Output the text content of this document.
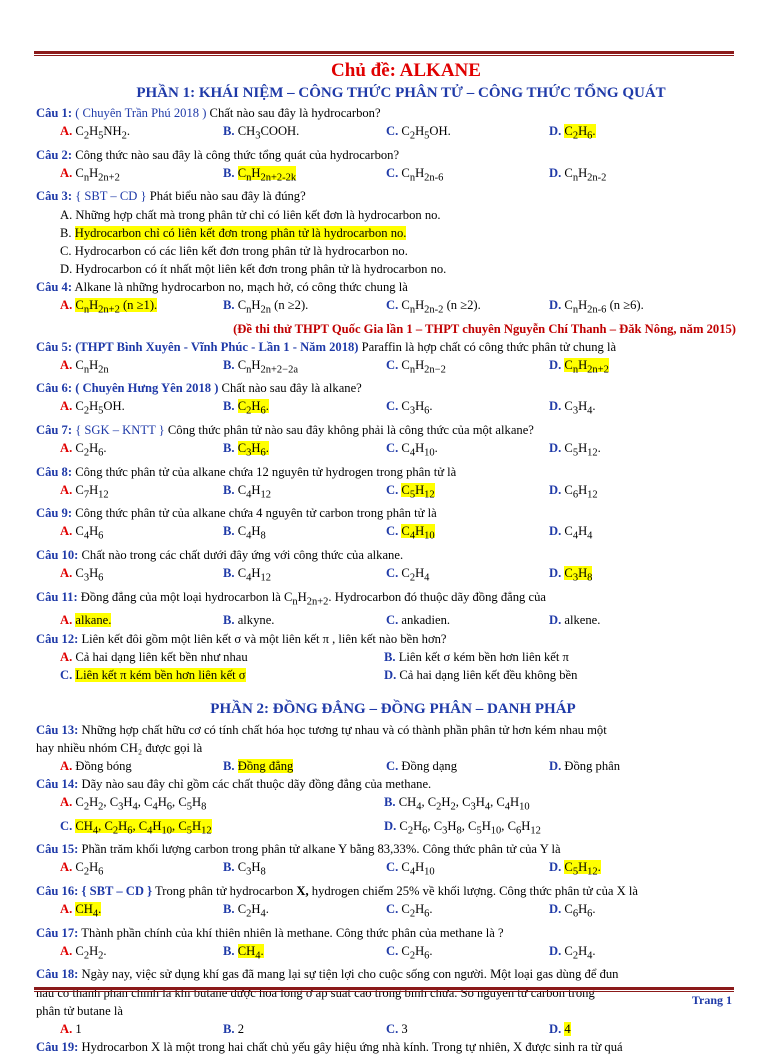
Chủ đề: ALKANE
PHẦN 1: KHÁI NIỆM – CÔNG THỨC PHÂN TỬ – CÔNG THỨC TỔNG QUÁT
Câu 1: ( Chuyên Trần Phú 2018 ) Chất nào sau đây là hydrocarbon?
A. $C_2H_5NH_2$.	B. $CH_3COOH$.	C. $C_2H_5OH$.	D. $C_2H_6$.
Câu 2: Công thức nào sau đây là công thức tổng quát của hydrocarbon?
A. $C_nH_{2n+2}$	B. $C_nH_{2n+2-2k}$	C. $C_nH_{2n-6}$	D. $C_nH_{2n-2}$
Câu 3: { SBT – CD } Phát biểu nào sau đây là đúng?
A. Những hợp chất mà trong phân tử chỉ có liên kết đơn là hydrocarbon no.
B. Hydrocarbon chỉ có liên kết đơn trong phân tử là hydrocarbon no.
C. Hydrocarbon có các liên kết đơn trong phân tử là hydrocarbon no.
D. Hydrocarbon có ít nhất một liên kết đơn trong phân tử là hydrocarbon no.
Câu 4: Alkane là những hydrocarbon no, mạch hở, có công thức chung là
A. $C_nH_{2n+2}$ (n ≥1).	B. $C_nH_{2n}$ (n ≥2).	C. $C_nH_{2n-2}$ (n ≥2).	D. $C_nH_{2n-6}$ (n ≥6).
(Đề thi thử THPT Quốc Gia lần 1 – THPT chuyên Nguyễn Chí Thanh – Đăk Nông, năm 2015)
Câu 5: (THPT Bình Xuyên - Vĩnh Phúc - Lần 1 - Năm 2018) Paraffin là hợp chất có công thức phân tử chung là
A. $C_nH_{2n}$	B. $C_nH_{2n+2-2a}$	C. $C_nH_{2n-2}$	D. $C_nH_{2n+2}$
Câu 6: ( Chuyên Hưng Yên 2018 ) Chất nào sau đây là alkane?
A. $C_2H_5OH$.	B. $C_2H_6$.	C. $C_3H_6$.	D. $C_3H_4$.
Câu 7: { SGK – KNTT } Công thức phân tử nào sau đây không phải là công thức của một alkane?
A. $C_2H_6$.	B. $C_3H_6$.	C. $C_4H_{10}$.	D. $C_5H_{12}$.
Câu 8: Công thức phân tử của alkane chứa 12 nguyên tử hydrogen trong phân tử là
A. $C_7H_{12}$	B. $C_4H_{12}$	C. $C_5H_{12}$	D. $C_6H_{12}$
Câu 9: Công thức phân tử của alkane chứa 4 nguyên tử carbon trong phân tử là
A. $C_4H_6$	B. $C_4H_8$	C. $C_4H_{10}$	D. $C_4H_4$
Câu 10: Chất nào trong các chất dưới đây ứng với công thức của alkane.
A. $C_3H_6$	B. $C_4H_{12}$	C. $C_2H_4$	D. $C_3H_8$
Câu 11: Đồng đẳng của một loại hydrocarbon là $C_nH_{2n+2}$. Hydrocarbon đó thuộc dãy đồng đẳng của
A. alkane.	B. alkyne.	C. ankadien.	D. alkene.
Câu 12: Liên kết đôi gồm một liên kết σ và một liên kết π , liên kết nào bền hơn?
A. Cả hai dạng liên kết bền như nhau	B. Liên kết σ kém bền hơn liên kết π
C. Liên kết π kém bền hơn liên kết σ	D. Cả hai dạng liên kết đều không bền
PHẦN 2: ĐỒNG ĐẲNG – ĐỒNG PHÂN – DANH PHÁP
Câu 13: Những hợp chất hữu cơ có tính chất hóa học tương tự nhau và có thành phần phân tử hơn kém nhau một
hay nhiều nhóm CH₂ được gọi là
A. Đồng bóng	B. Đồng đẳng	C. Đồng dạng	D. Đồng phân
Câu 14: Dãy nào sau đây chỉ gồm các chất thuộc dãy đồng đẳng của methane.
A. $C_2H_2$, $C_3H_4$, $C_4H_6$, $C_5H_8$	B. $CH_4$, $C_2H_2$, $C_3H_4$, $C_4H_{10}$
C. $CH_4$, $C_2H_6$, $C_4H_{10}$, $C_5H_{12}$	D. $C_2H_6$, $C_3H_8$, $C_5H_{10}$, $C_6H_{12}$
Câu 15: Phần trăm khối lượng carbon trong phân tử alkane Y bằng 83,33%. Công thức phân tử của Y là
A. $C_2H_6$	B. $C_3H_8$	C. $C_4H_{10}$	D. $C_5H_{12}$.
Câu 16: { SBT – CD } Trong phân tử hydrocarbon X, hydrogen chiếm 25% về khối lượng. Công thức phân tử của X là
A. $CH_4$.	B. $C_2H_4$.	C. $C_2H_6$.	D. $C_6H_6$.
Câu 17: Thành phần chính của khí thiên nhiên là methane. Công thức phân của methane là ?
A. $C_2H_2$.	B. $CH_4$.	C. $C_2H_6$.	D. $C_2H_4$.
Câu 18: Ngày nay, việc sử dụng khí gas đã mang lại sự tiện lợi cho cuộc sống con người. Một loại gas dùng để đun
nấu có thành phần chính là khí butane được hóa lỏng ở áp suất cao trong bình chứa. Số nguyên tử carbon trong
phân tử butane là
A. 1	B. 2	C. 3	D. 4
Câu 19: Hydrocarbon X là một trong hai chất chủ yếu gây hiệu ứng nhà kính. Trong tự nhiên, X được sinh ra từ quá
Trang 1
